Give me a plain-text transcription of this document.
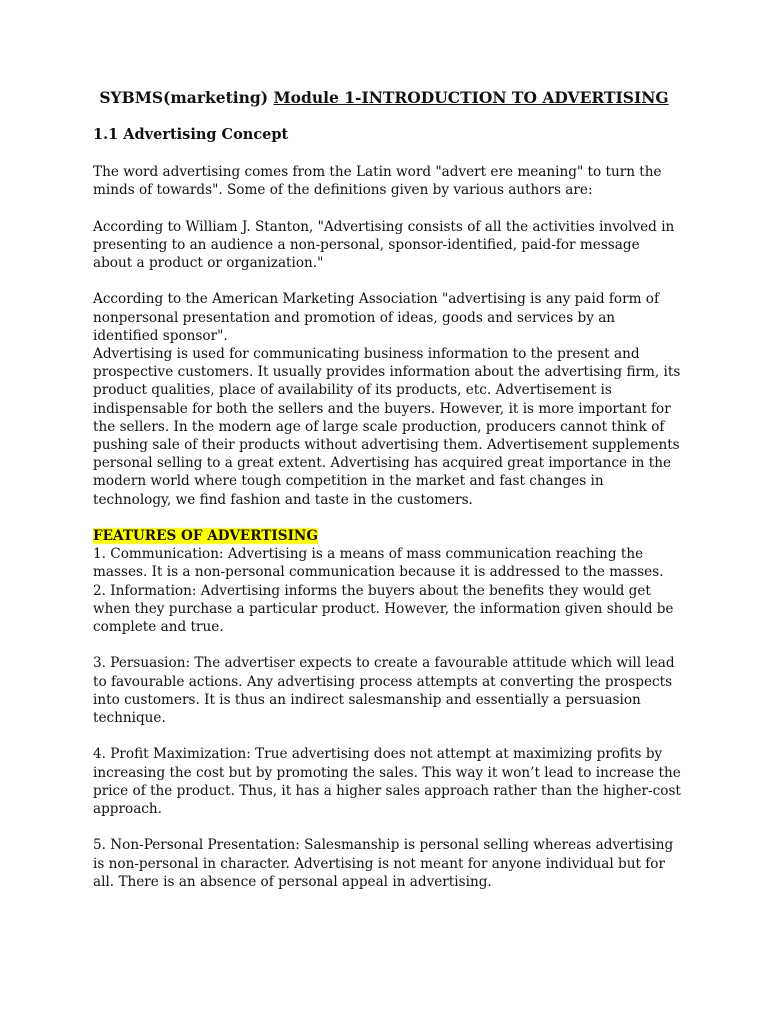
SYBMS(marketing) Module 1-INTRODUCTION TO ADVERTISING
1.1 Advertising Concept

The word advertising comes from the Latin word "advert ere meaning" to turn the minds of towards". Some of the definitions given by various authors are:

According to William J. Stanton, "Advertising consists of all the activities involved in presenting to an audience a non-personal, sponsor-identified, paid-for message about a product or organization."

According to the American Marketing Association "advertising is any paid form of nonpersonal presentation and promotion of ideas, goods and services by an identified sponsor".

Advertising is used for communicating business information to the present and prospective customers. It usually provides information about the advertising firm, its product qualities, place of availability of its products, etc. Advertisement is indispensable for both the sellers and the buyers. However, it is more important for the sellers. In the modern age of large scale production, producers cannot think of pushing sale of their products without advertising them. Advertisement supplements personal selling to a great extent. Advertising has acquired great importance in the modern world where tough competition in the market and fast changes in technology, we find fashion and taste in the customers.

FEATURES OF ADVERTISING

1. Communication: Advertising is a means of mass communication reaching the masses. It is a non-personal communication because it is addressed to the masses.

2. Information: Advertising informs the buyers about the benefits they would get when they purchase a particular product. However, the information given should be complete and true.

3. Persuasion: The advertiser expects to create a favourable attitude which will lead to favourable actions. Any advertising process attempts at converting the prospects into customers. It is thus an indirect salesmanship and essentially a persuasion technique.

4. Profit Maximization: True advertising does not attempt at maximizing profits by increasing the cost but by promoting the sales. This way it won’t lead to increase the price of the product. Thus, it has a higher sales approach rather than the higher-cost approach.

5. Non-Personal Presentation: Salesmanship is personal selling whereas advertising is non-personal in character. Advertising is not meant for anyone individual but for all. There is an absence of personal appeal in advertising.
